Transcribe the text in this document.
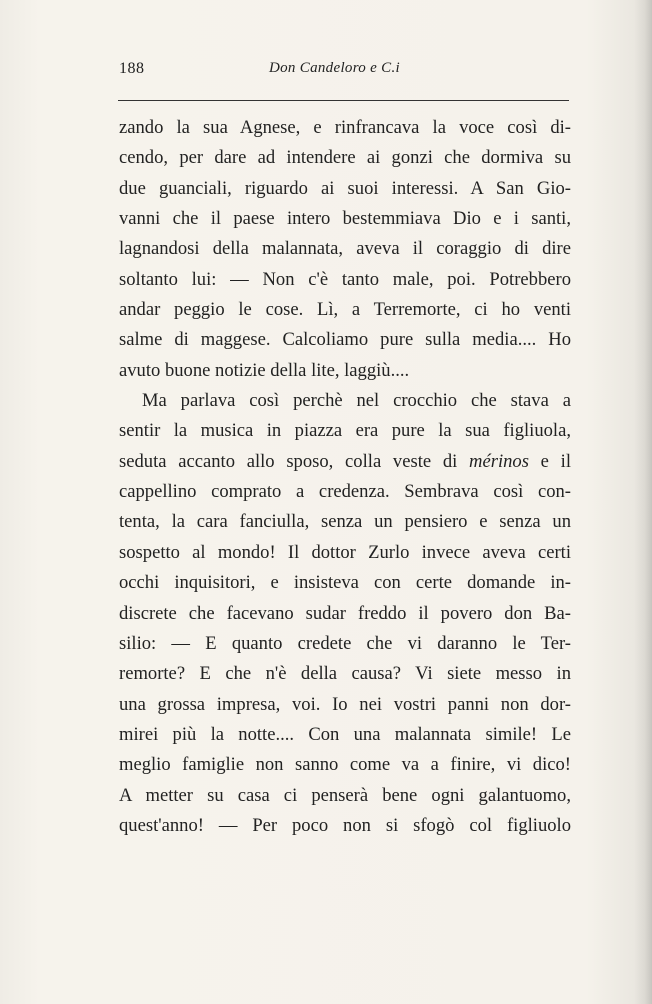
188	Don Candeloro e C.i
zando la sua Agnese, e rinfrancava la voce così di-
cendo, per dare ad intendere ai gonzi che dormiva su
due guanciali, riguardo ai suoi interessi. A San Gio-
vanni che il paese intero bestemmiava Dio e i santi,
lagnandosi della malannata, aveva il coraggio di dire
soltanto lui: — Non c'è tanto male, poi. Potrebbero
andar peggio le cose. Lì, a Terremorte, ci ho venti
salme di maggese. Calcoliamo pure sulla media.... Ho
avuto buone notizie della lite, laggiù....
Ma parlava così perchè nel crocchio che stava a
sentir la musica in piazza era pure la sua figliuola,
seduta accanto allo sposo, colla veste di mérinos e il
cappellino comprato a credenza. Sembrava così con-
tenta, la cara fanciulla, senza un pensiero e senza un
sospetto al mondo! Il dottor Zurlo invece aveva certi
occhi inquisitori, e insisteva con certe domande in-
discrete che facevano sudar freddo il povero don Ba-
silio: — E quanto credete che vi daranno le Ter-
remorte? E che n'è della causa? Vi siete messo in
una grossa impresa, voi. Io nei vostri panni non dor-
mirei più la notte.... Con una malannata simile! Le
meglio famiglie non sanno come va a finire, vi dico!
A metter su casa ci penserà bene ogni galantuomo,
quest'anno! — Per poco non si sfogò col figliuolo
